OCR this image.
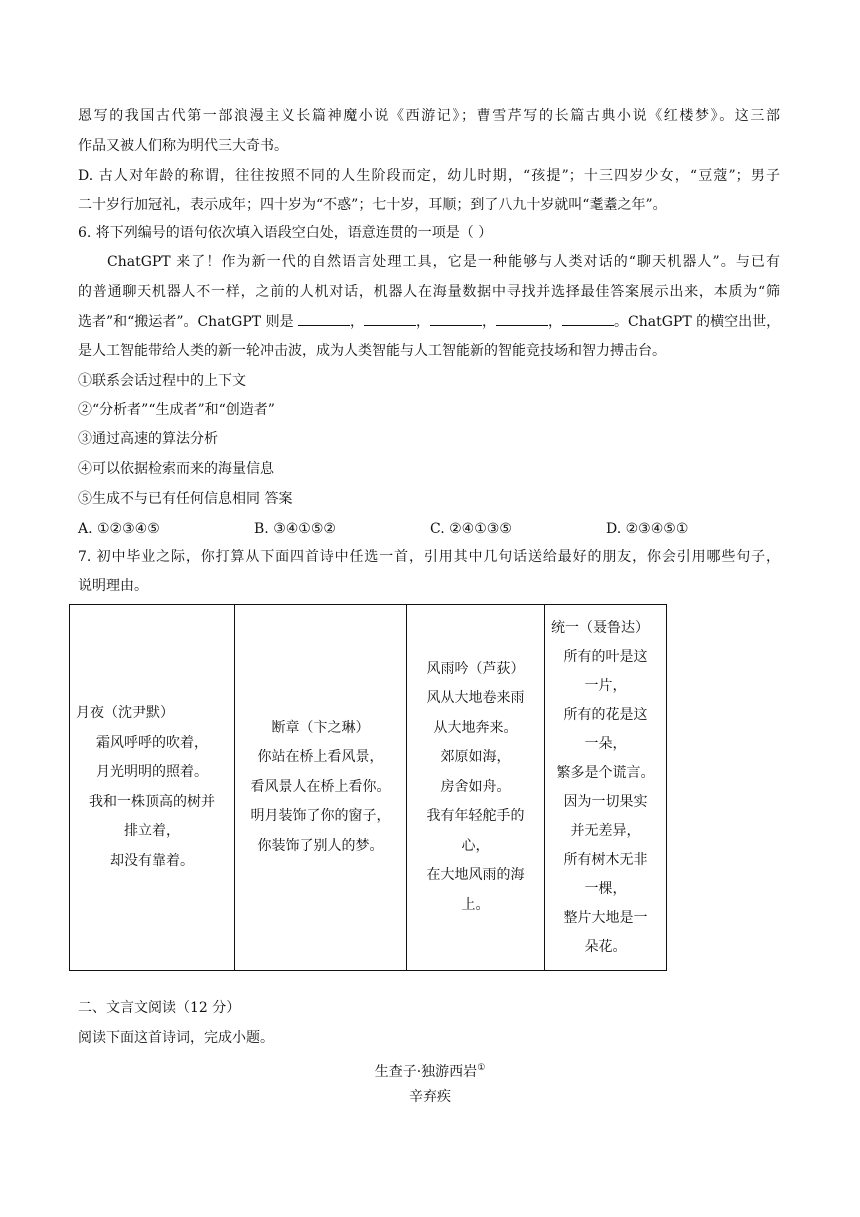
恩写的我国古代第一部浪漫主义长篇神魔小说《西游记》；曹雪芹写的长篇古典小说《红楼梦》。这三部
作品又被人们称为明代三大奇书。
D. 古人对年龄的称谓，往往按照不同的人生阶段而定，幼儿时期，“孩提”；十三四岁少女，“豆蔻”；男子
二十岁行加冠礼，表示成年；四十岁为“不惑”；七十岁，耳顺；到了八九十岁就叫“耄耋之年”。
6. 将下列编号的语句依次填入语段空白处，语意连贯的一项是（ ）
ChatGPT 来了！作为新一代的自然语言处理工具，它是一种能够与人类对话的“聊天机器人”。与已有
的普通聊天机器人不一样，之前的人机对话，机器人在海量数据中寻找并选择最佳答案展示出来，本质为“筛
选者”和“搬运者”。ChatGPT 则是	，	，	，	，	。ChatGPT 的横空出世，
是人工智能带给人类的新一轮冲击波，成为人类智能与人工智能新的智能竞技场和智力搏击台。
①联系会话过程中的上下文
②“分析者”“生成者”和“创造者”
③通过高速的算法分析
④可以依据检索而来的海量信息
⑤生成不与已有任何信息相同 答案
A. ①②③④⑤	B. ③④①⑤②	C. ②④①③⑤	D. ②③④⑤①
7. 初中毕业之际，你打算从下面四首诗中任选一首，引用其中几句话送给最好的朋友，你会引用哪些句子，
说明理由。
月夜（沈尹默）
霜风呼呼的吹着，
月光明明的照着。
我和一株顶高的树并
排立着，
却没有靠着。

断章（卞之琳）
你站在桥上看风景，
看风景人在桥上看你。
明月装饰了你的窗子，
你装饰了别人的梦。

风雨吟（芦荻）
风从大地卷来雨
从大地奔来。
郊原如海，
房舍如舟。
我有年轻舵手的
心，
在大地风雨的海
上。

统一（聂鲁达）
所有的叶是这
一片，
所有的花是这
一朵，
繁多是个谎言。
因为一切果实
并无差异，
所有树木无非
一棵，
整片大地是一
朵花。
二、文言文阅读（12 分）
阅读下面这首诗词，完成小题。
生查子·独游西岩①
辛弃疾
